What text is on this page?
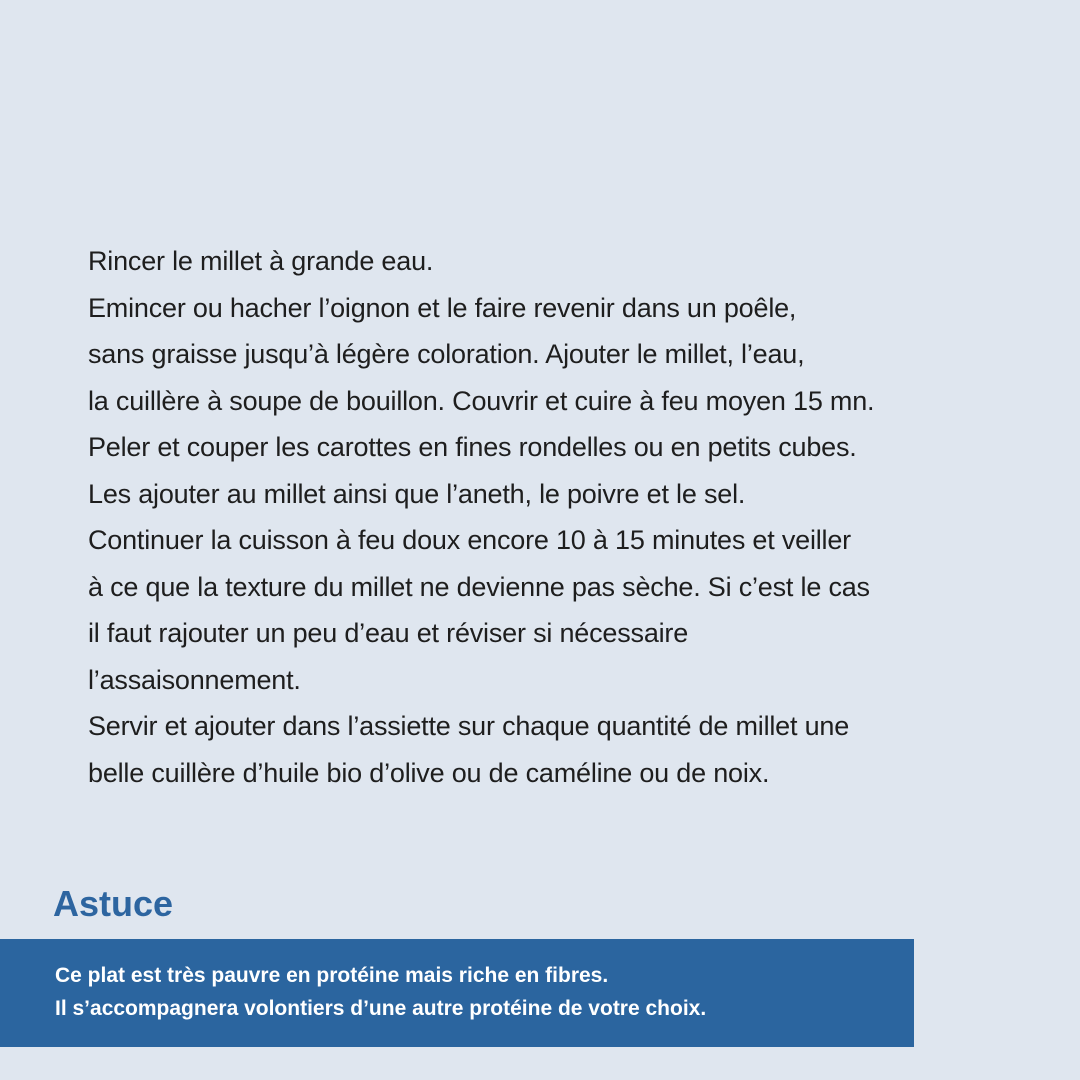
Rincer le millet à grande eau.
Emincer ou hacher l’oignon et le faire revenir dans un poêle,
sans graisse jusqu’à légère coloration. Ajouter le millet, l’eau,
la cuillère à soupe de bouillon. Couvrir et cuire à feu moyen 15 mn.
Peler et couper les carottes en fines rondelles ou en petits cubes.
Les ajouter au millet ainsi que l’aneth, le poivre et le sel.
Continuer la cuisson à feu doux encore 10 à 15 minutes et veiller
à ce que la texture du millet ne devienne pas sèche. Si c’est le cas
il faut rajouter un peu d’eau et réviser si nécessaire
l’assaisonnement.
Servir et ajouter dans l’assiette sur chaque quantité de millet une
belle cuillère d’huile bio d’olive ou de caméline ou de noix.
Astuce
Ce plat est très pauvre en protéine mais riche en fibres.
Il s’accompagnera volontiers d’une autre protéine de votre choix.
